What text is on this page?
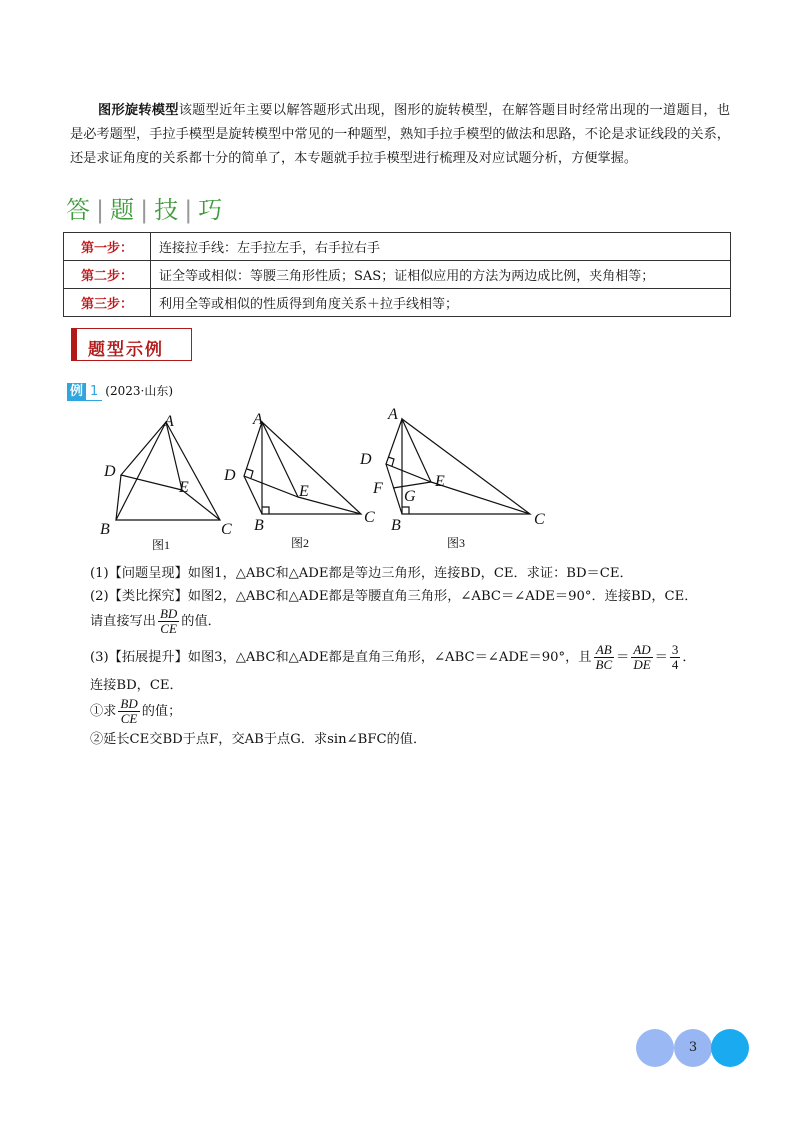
图形旋转模型该题型近年主要以解答题形式出现，图形的旋转模型，在解答题目时经常出现的一道题目，也是必考题型，手拉手模型是旋转模型中常见的一种题型，熟知手拉手模型的做法和思路，不论是求证线段的关系，还是求证角度的关系都十分的简单了，本专题就手拉手模型进行梳理及对应试题分析，方便掌握。
答 | 题 | 技 | 巧
第一步：	连接拉手线：左手拉左手，右手拉右手
第二步：	证全等或相似：等腰三角形性质；SAS；证相似应用的方法为两边成比例，夹角相等；
第三步：	利用全等或相似的性质得到角度关系＋拉手线相等；
题型示例
例 1 (2023·山东)
A
D
E
B	C
图1
A
D
E
B	C
图2
A
D
F G
E
B	C
图3
(1)【问题呈现】如图1，△ABC和△ADE都是等边三角形，连接BD，CE．求证：BD＝CE．
(2)【类比探究】如图2，△ABC和△ADE都是等腰直角三角形，∠ABC＝∠ADE＝90°．连接BD，CE．
请直接写出 $\frac{BD}{CE}$ 的值．
(3)【拓展提升】如图3，△ABC和△ADE都是直角三角形，∠ABC＝∠ADE＝90°，且 $\frac{AB}{BC} = \frac{AD}{DE} = \frac{3}{4}$ ．
连接BD，CE．
①求 $\frac{BD}{CE}$ 的值；
②延长CE交BD于点F，交AB于点G．求sin∠BFC的值．
3
